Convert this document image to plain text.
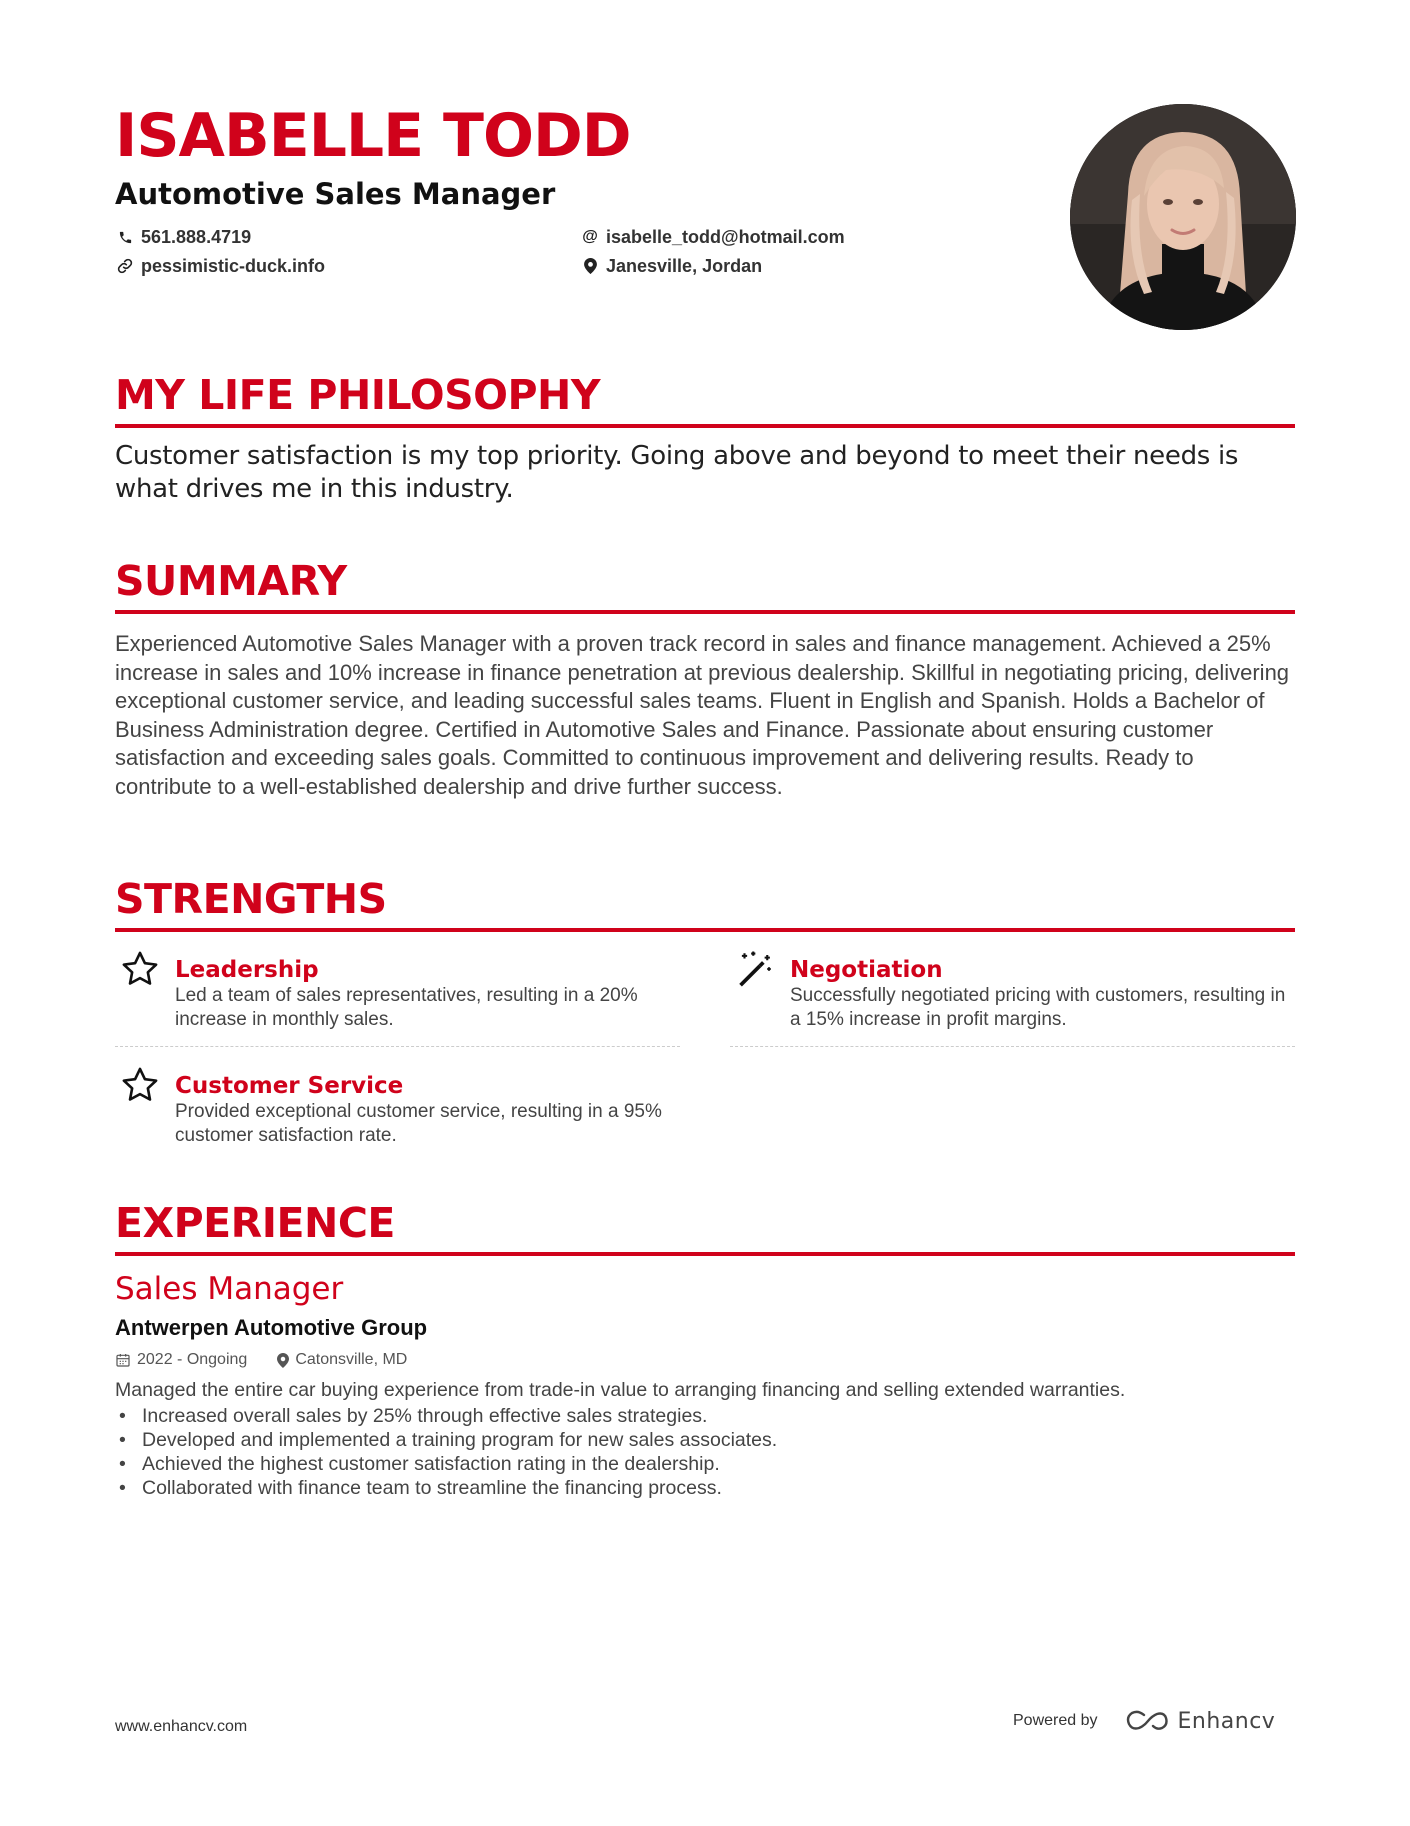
ISABELLE TODD
Automotive Sales Manager
561.888.4719	@ isabelle_todd@hotmail.com
pessimistic-duck.info	Janesville, Jordan
MY LIFE PHILOSOPHY
Customer satisfaction is my top priority. Going above and beyond to meet their needs is what drives me in this industry.
SUMMARY
Experienced Automotive Sales Manager with a proven track record in sales and finance management. Achieved a 25% increase in sales and 10% increase in finance penetration at previous dealership. Skillful in negotiating pricing, delivering exceptional customer service, and leading successful sales teams. Fluent in English and Spanish. Holds a Bachelor of Business Administration degree. Certified in Automotive Sales and Finance. Passionate about ensuring customer satisfaction and exceeding sales goals. Committed to continuous improvement and delivering results. Ready to contribute to a well-established dealership and drive further success.
STRENGTHS
Leadership
Led a team of sales representatives, resulting in a 20% increase in monthly sales.
Negotiation
Successfully negotiated pricing with customers, resulting in a 15% increase in profit margins.
Customer Service
Provided exceptional customer service, resulting in a 95% customer satisfaction rate.
EXPERIENCE
Sales Manager
Antwerpen Automotive Group
2022 - Ongoing	Catonsville, MD
Managed the entire car buying experience from trade-in value to arranging financing and selling extended warranties.
• Increased overall sales by 25% through effective sales strategies.
• Developed and implemented a training program for new sales associates.
• Achieved the highest customer satisfaction rating in the dealership.
• Collaborated with finance team to streamline the financing process.
www.enhancv.com	Powered by	Enhancv
